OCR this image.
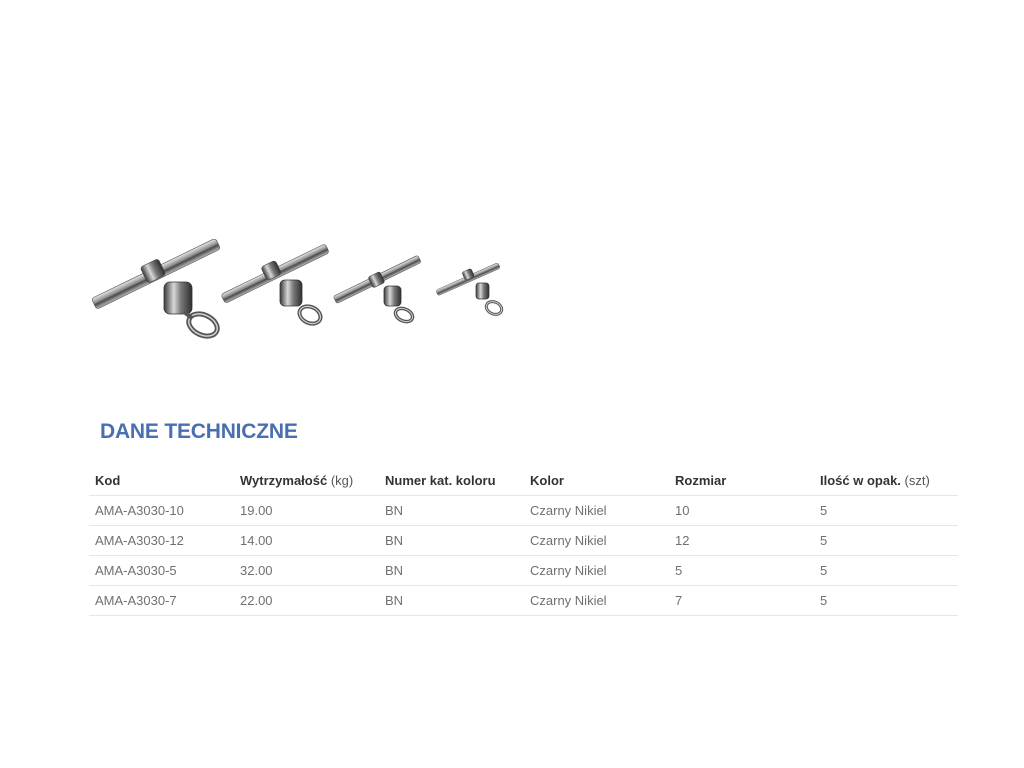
DANE TECHNICZNE
Kod	Wytrzymałość (kg)	Numer kat. koloru	Kolor	Rozmiar	Ilość w opak. (szt)
AMA-A3030-10	19.00	BN	Czarny Nikiel	10	5
AMA-A3030-12	14.00	BN	Czarny Nikiel	12	5
AMA-A3030-5	32.00	BN	Czarny Nikiel	5	5
AMA-A3030-7	22.00	BN	Czarny Nikiel	7	5
